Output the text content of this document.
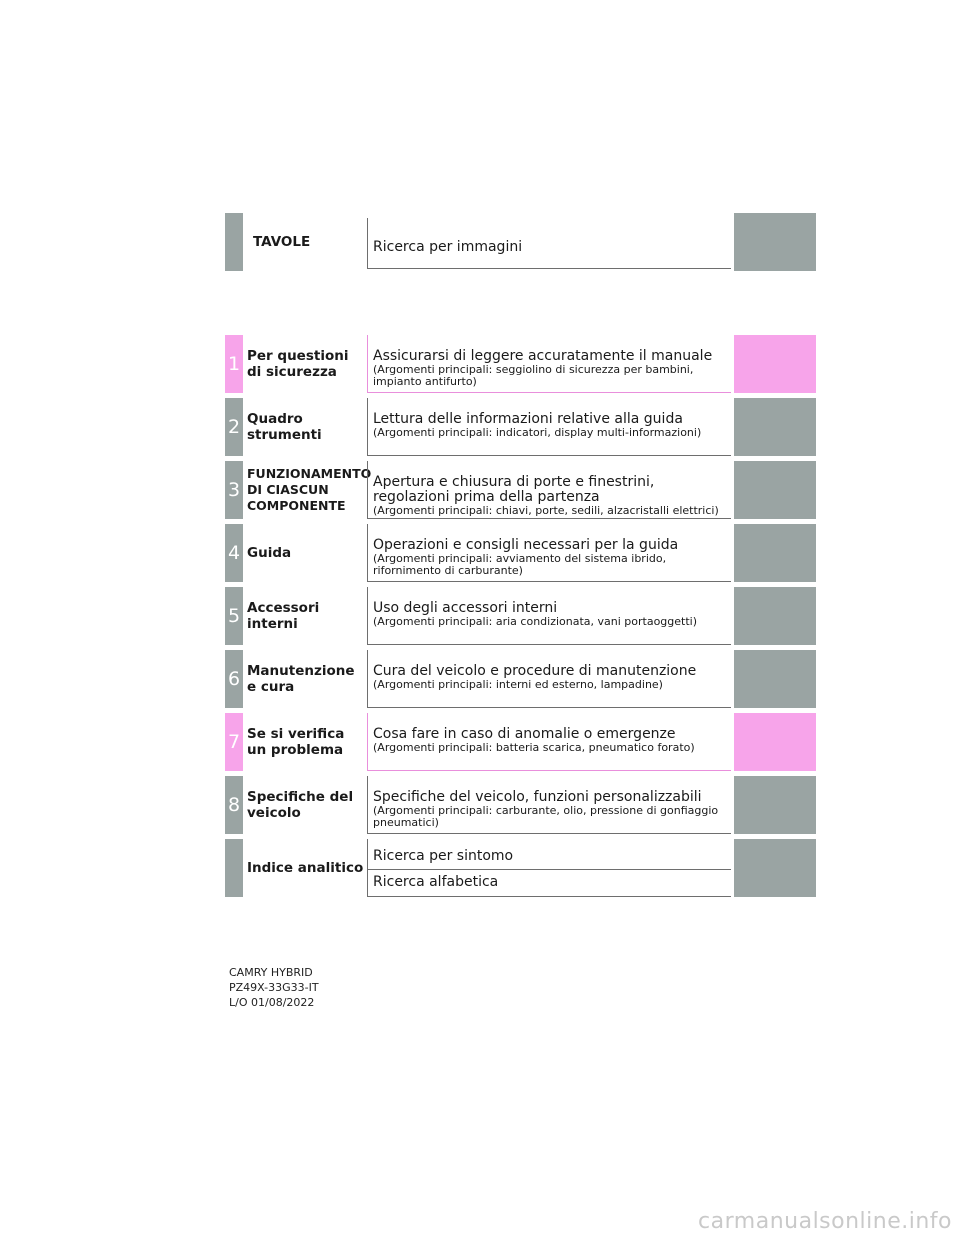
TAVOLE	Ricerca per immagini
1 Per questioni di sicurezza
Assicurarsi di leggere accuratamente il manuale
(Argomenti principali: seggiolino di sicurezza per bambini, impianto antifurto)
2 Quadro strumenti
Lettura delle informazioni relative alla guida
(Argomenti principali: indicatori, display multi-informazioni)
3
FUNZIONAMENTO DI CIASCUN COMPONENTE
Apertura e chiusura di porte e finestrini, regolazioni prima della partenza
(Argomenti principali: chiavi, porte, sedili, alzacristalli elettrici)
4 Guida	Operazioni e consigli necessari per la guida
(Argomenti principali: avviamento del sistema ibrido, rifornimento di carburante)
5 Accessori interni
Uso degli accessori interni
(Argomenti principali: aria condizionata, vani portaoggetti)
6 Manutenzione e cura
Cura del veicolo e procedure di manutenzione
(Argomenti principali: interni ed esterno, lampadine)
7 Se si verifica un problema
Cosa fare in caso di anomalie o emergenze
(Argomenti principali: batteria scarica, pneumatico forato)
8 Specifiche del veicolo
Specifiche del veicolo, funzioni personalizzabili
(Argomenti principali: carburante, olio, pressione di gonfiaggio pneumatici)
Indice analitico
Ricerca per sintomo
Ricerca alfabetica
CAMRY HYBRID
PZ49X-33G33-IT
L/O 01/08/2022
carmanualsonline.info
